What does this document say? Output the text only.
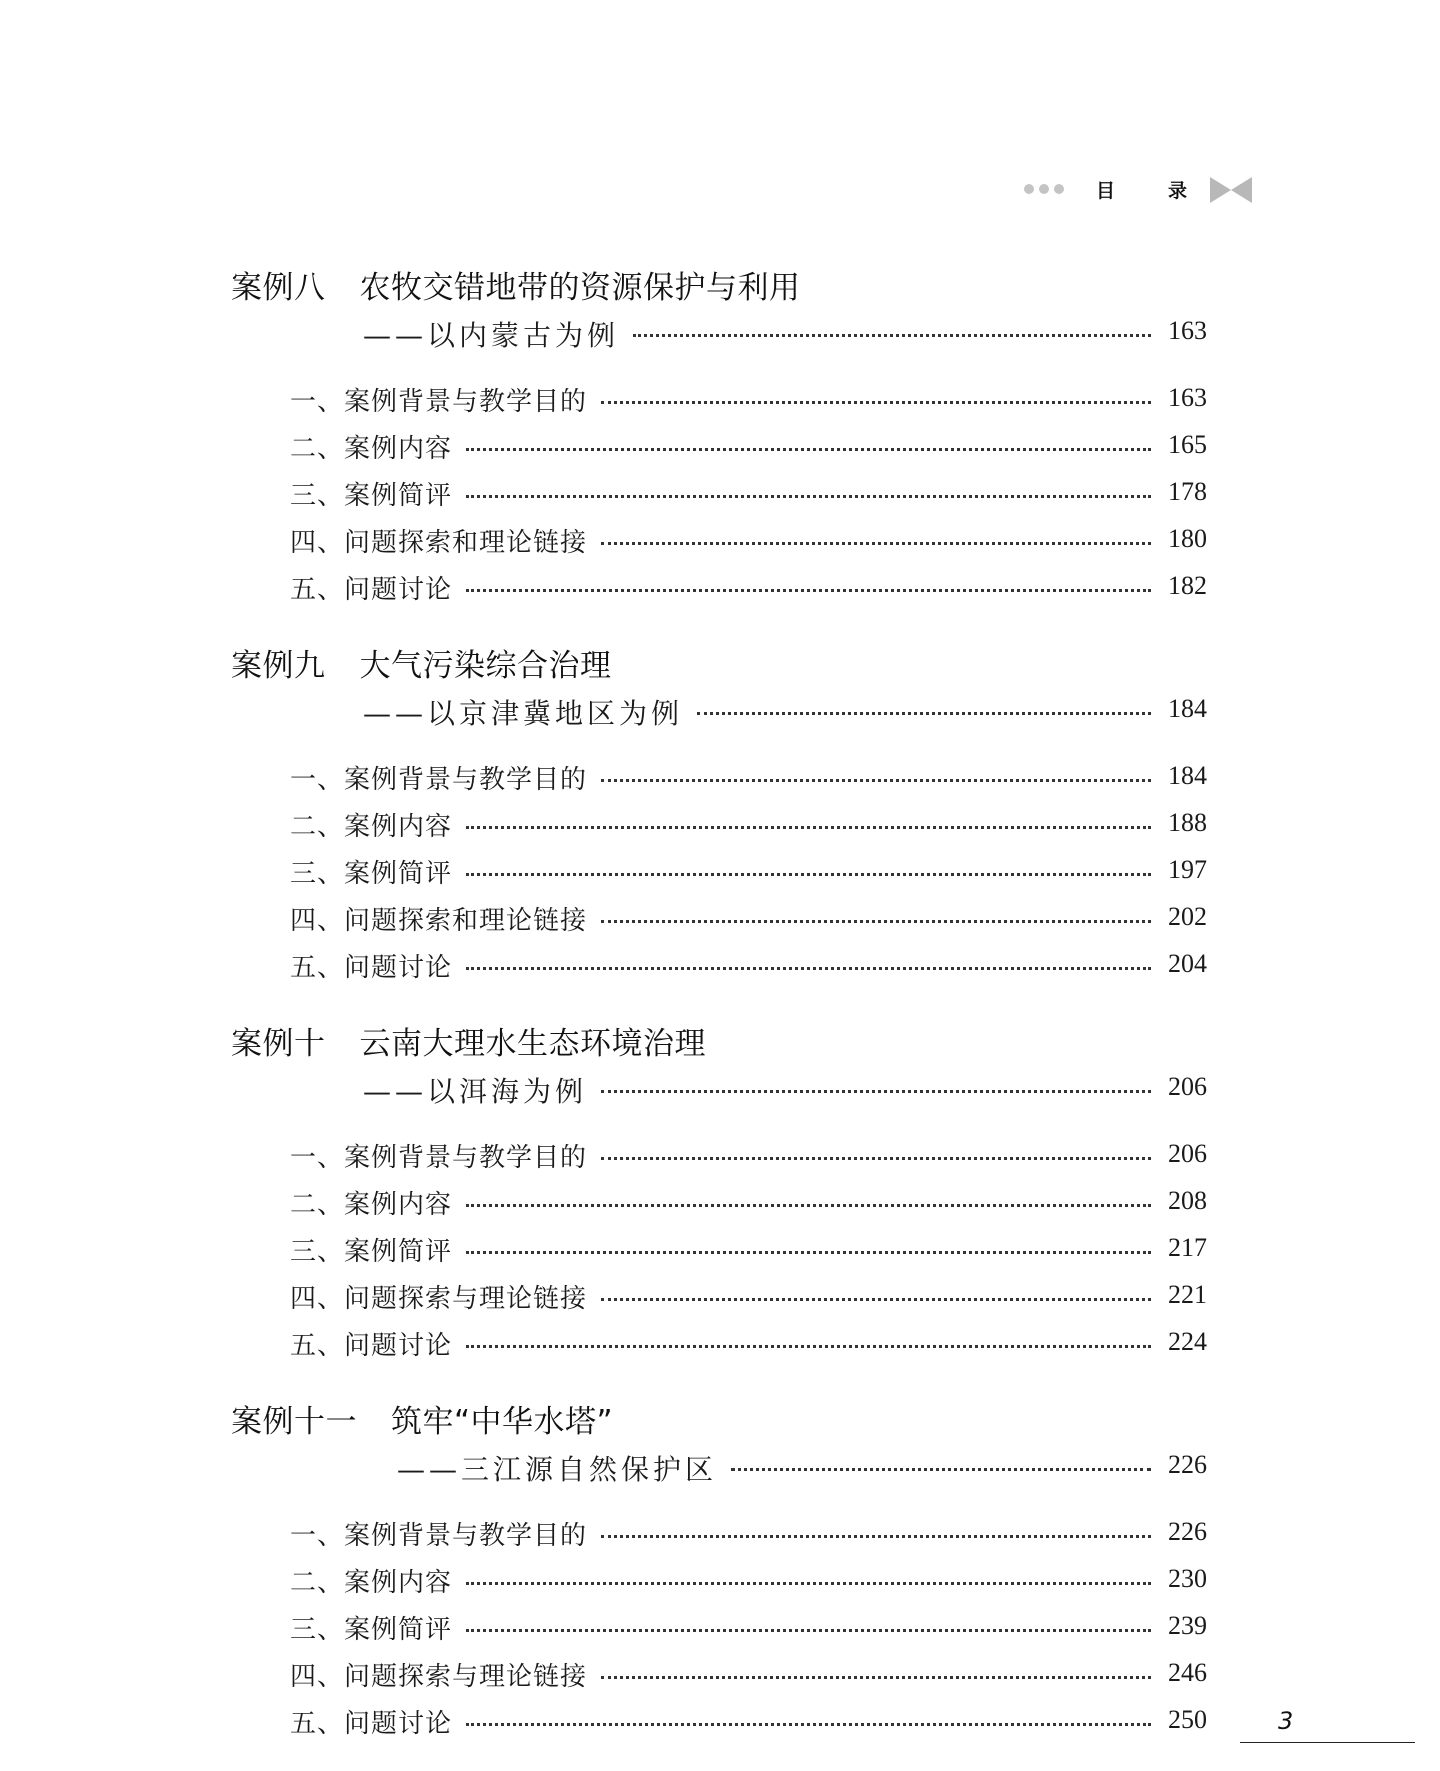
目	录
案例八 农牧交错地带的资源保护与利用
——以内蒙古为例	163
一、案例背景与教学目的	163
二、案例内容	165
三、案例简评	178
四、问题探索和理论链接	180
五、问题讨论	182
案例九 大气污染综合治理
——以京津冀地区为例	184
一、案例背景与教学目的	184
二、案例内容	188
三、案例简评	197
四、问题探索和理论链接	202
五、问题讨论	204
案例十 云南大理水生态环境治理
——以洱海为例	206
一、案例背景与教学目的	206
二、案例内容	208
三、案例简评	217
四、问题探索与理论链接	221
五、问题讨论	224
案例十一 筑牢“中华水塔”
——三江源自然保护区	226
一、案例背景与教学目的	226
二、案例内容	230
三、案例简评	239
四、问题探索与理论链接	246
五、问题讨论	250	3
